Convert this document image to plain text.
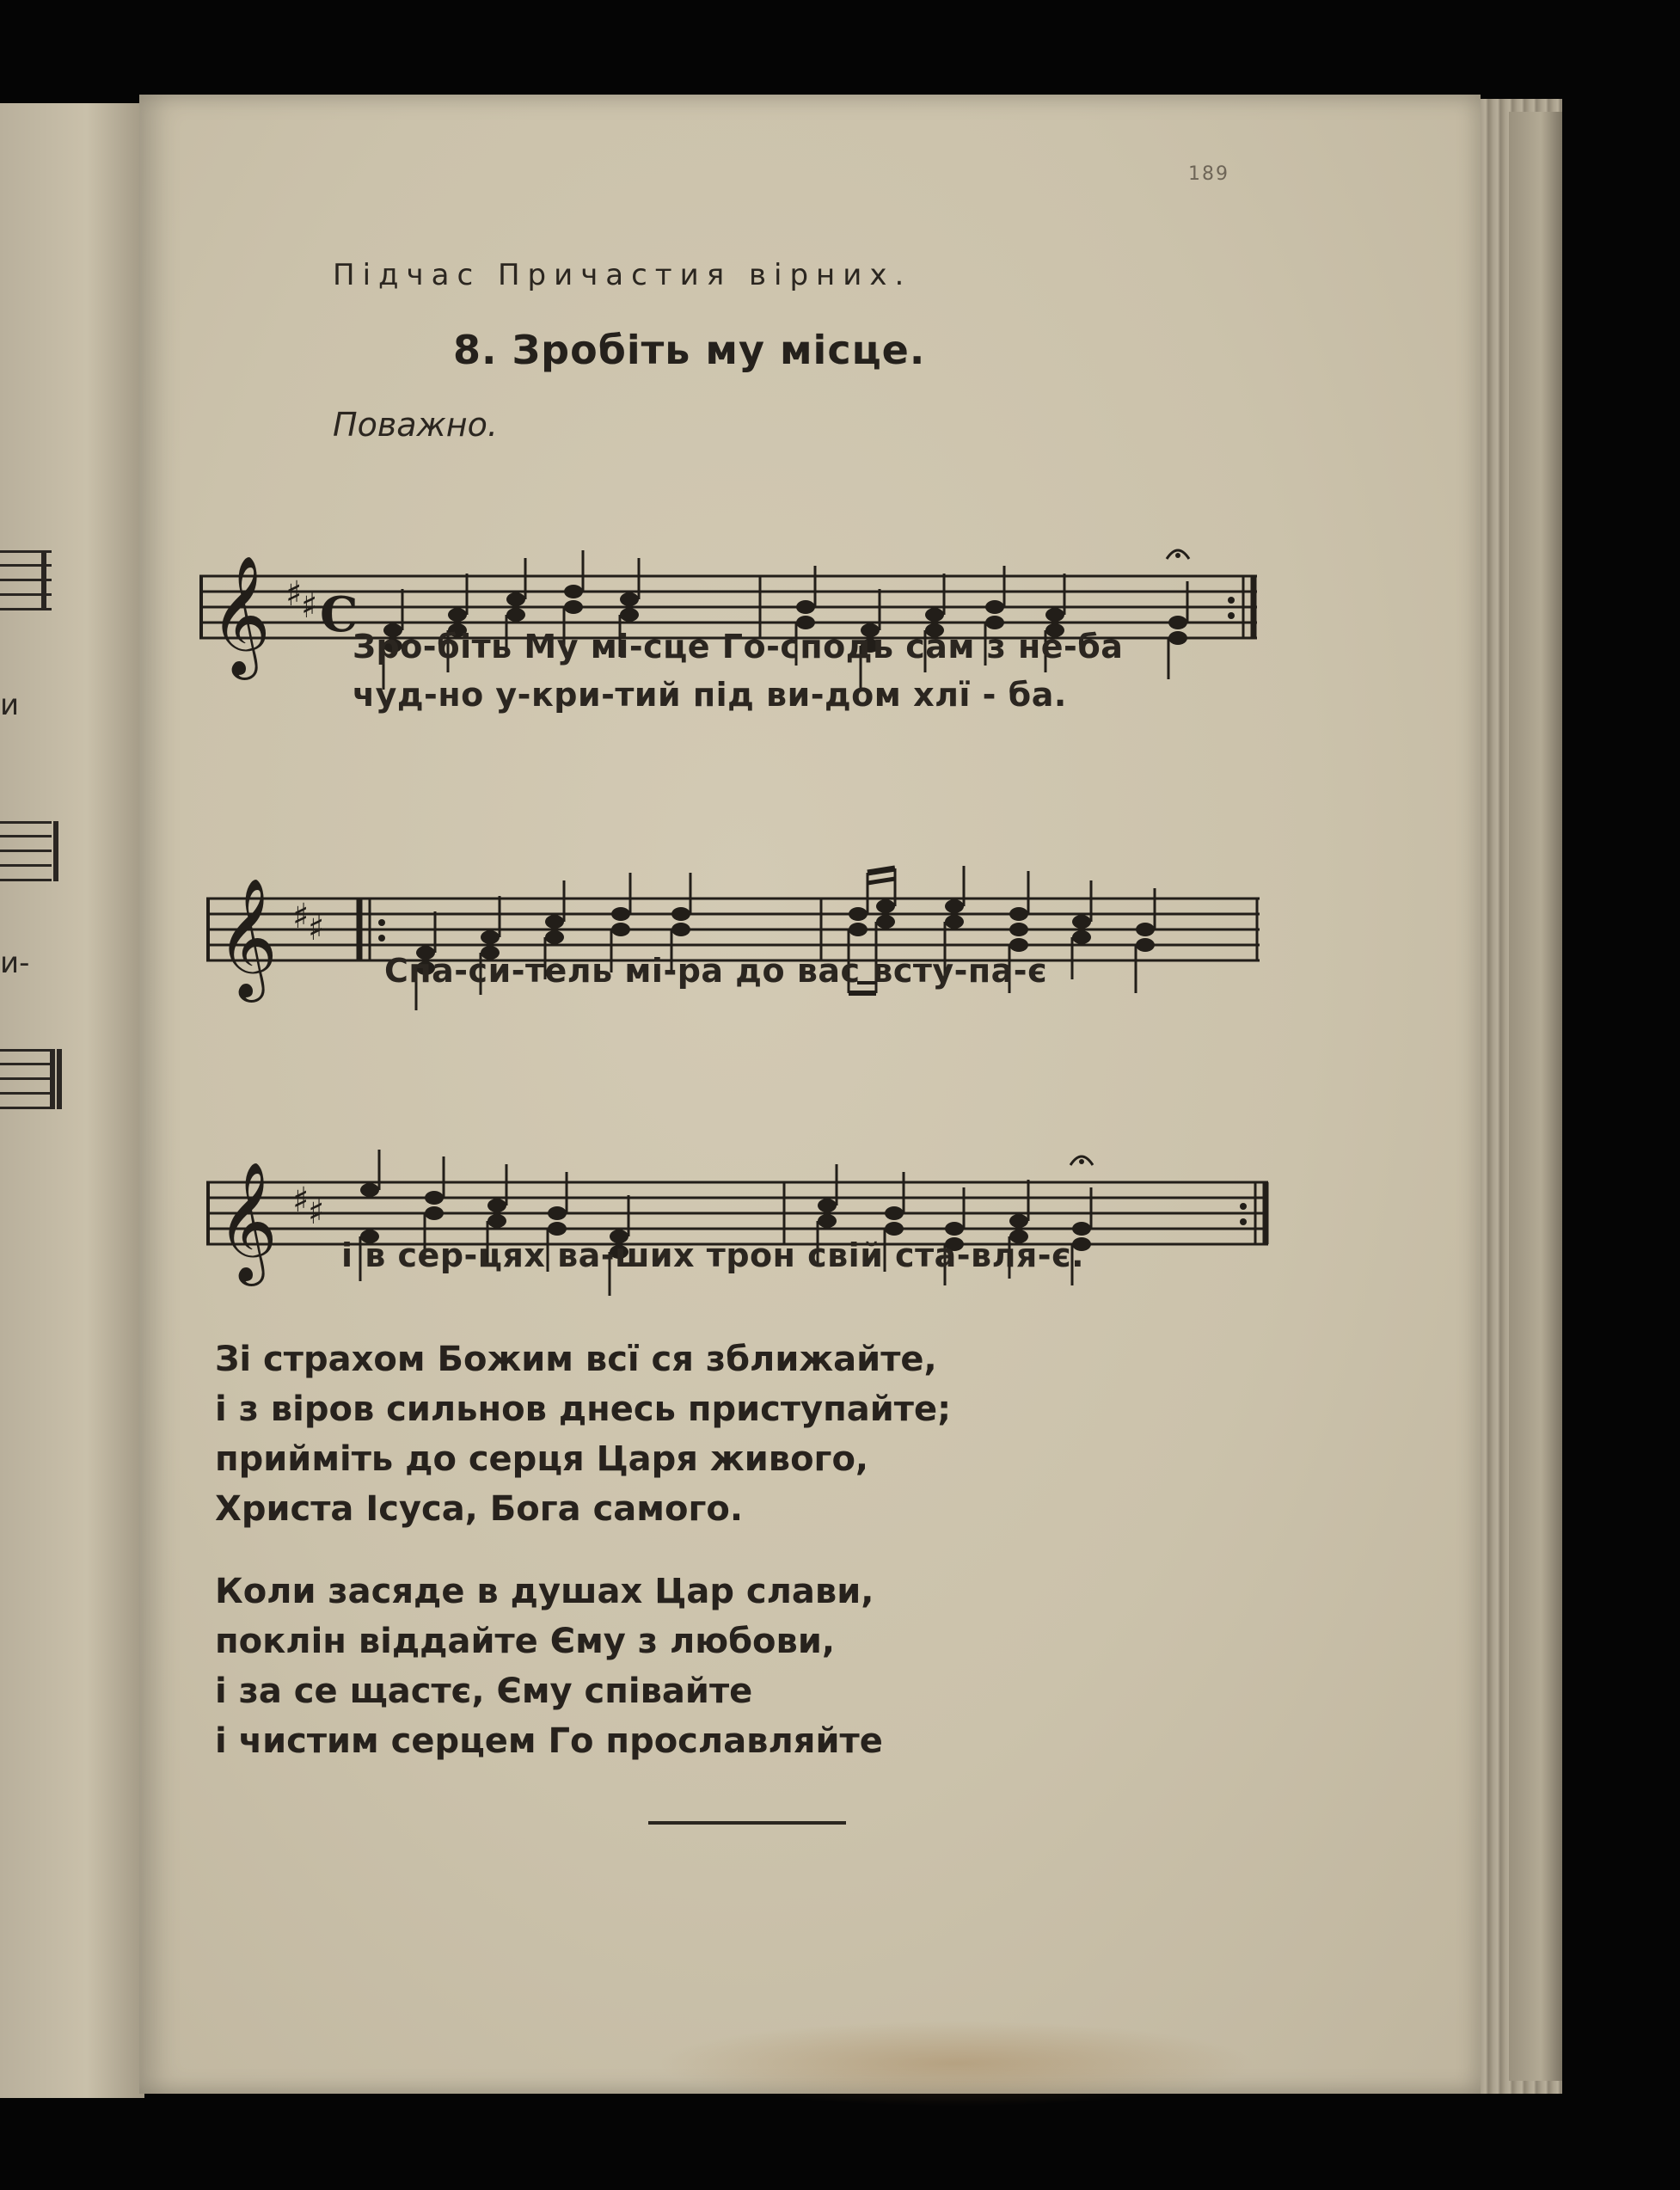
и
и-
189
Підчас Причастия вірних.
8. Зробіть му місце.
Поважно.
𝄞 ♯
♯ C
Зро-біть Му мі-сце Го-сподь сам з не-ба
чуд-но у-кри-тий під ви-дом хлї - ба.
𝄞 ♯
♯
Спа-си-тель мі-ра до вас всту-па-є
𝄞 ♯
♯
і в сер-цях ва-ших трон свій ста-вля-є.
Зі страхом Божим всї ся зближайте,
і з віров сильнов днесь приступайте;
прийміть до серця Царя живого,
Христа Ісуса, Бога самого.
Коли засяде в душах Цар слави,
поклін віддайте Єму з любови,
і за се щастє, Єму співайте
і чистим серцем Го прославляйте
